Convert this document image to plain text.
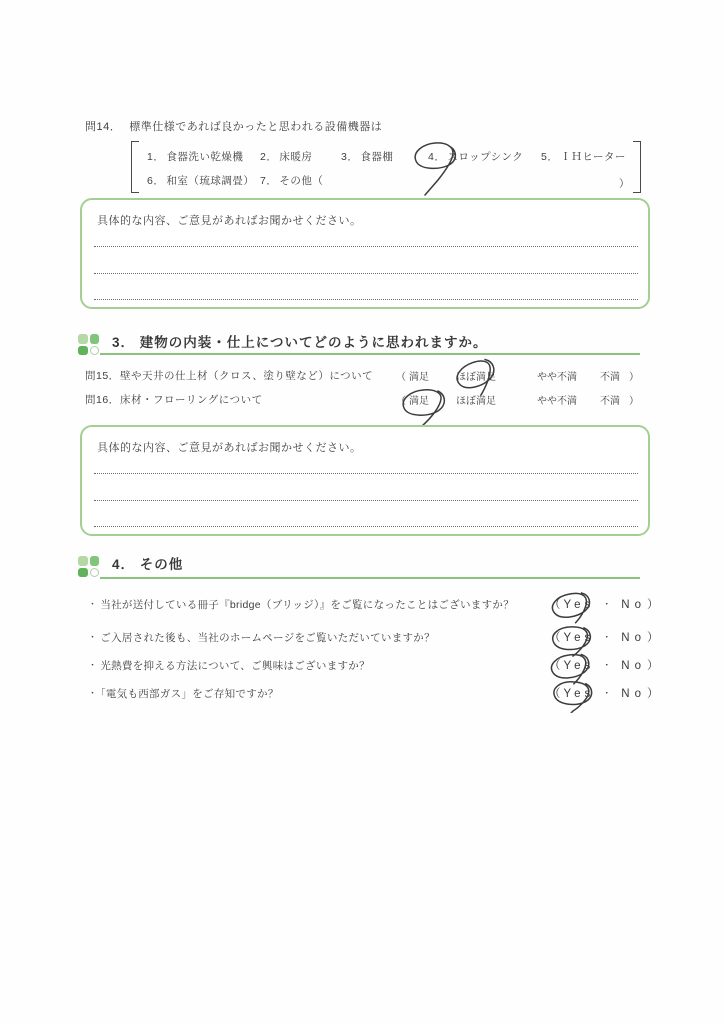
問14． 標準仕様であれば良かったと思われる設備機器は
1． 食器洗い乾燥機 2． 床暖房	3． 食器棚	4． スロップシンク 5． ＩＨヒーター
6． 和室（琉球調畳） 7． その他（	）
具体的な内容、ご意見があればお聞かせください。
3． 建物の内装・仕上についてどのように思われますか。
問15． 壁や天井の仕上材（クロス、塗り壁など）について （ 満足	ほぼ満足	やや不満 不満 ）
問16． 床材・フローリングについて	（ 満足	ほぼ満足	やや不満 不満 ）
具体的な内容、ご意見があればお聞かせください。
4． その他
・ 当社が送付している冊子『bridge（ブリッジ）』をご覧になったことはございますか？	（ Yes ・ No）
・ ご入居された後も、当社のホームページをご覧いただいていますか？	（ Yes ・ No）
・ 光熱費を抑える方法について、ご興味はございますか？	（ Yes ・ No）
・ 「電気も西部ガス」をご存知ですか？	（ Yes ・ No）
